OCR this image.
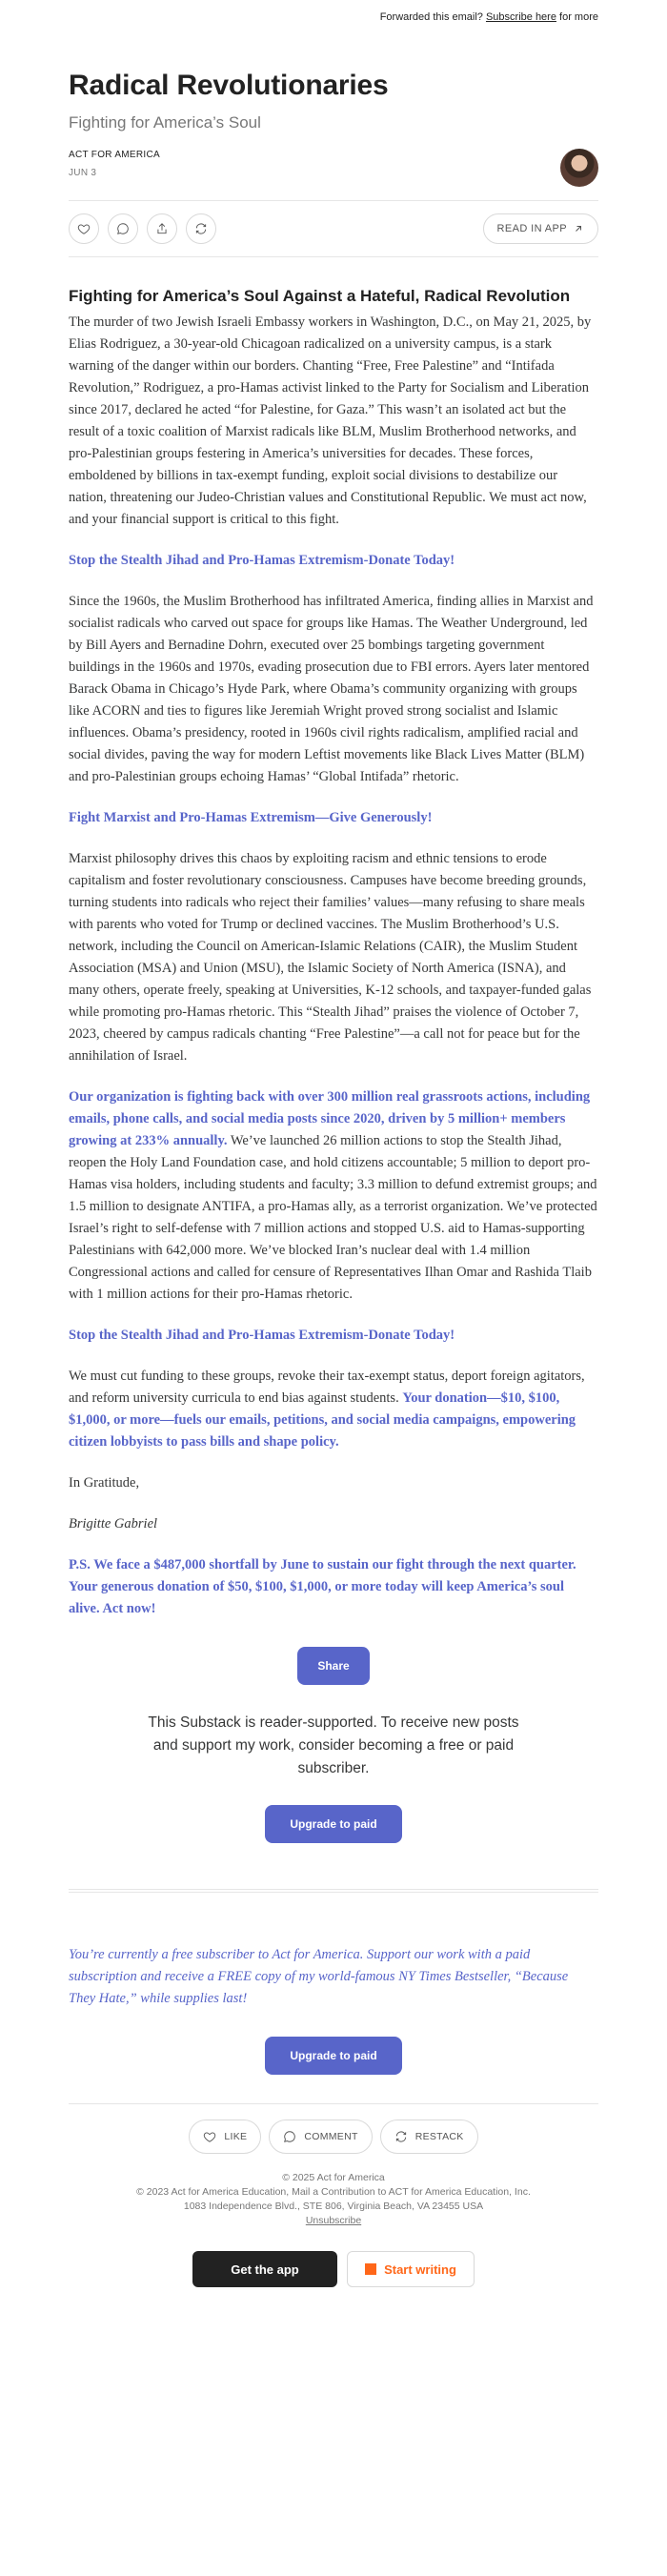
Forwarded this email? Subscribe here for more
Radical Revolutionaries
Fighting for America’s Soul
ACT FOR AMERICA
JUN 3
READ IN APP
Fighting for America’s Soul Against a Hateful, Radical Revolution

The murder of two Jewish Israeli Embassy workers in Washington, D.C., on May 21, 2025, by Elias Rodriguez, a 30-year-old Chicagoan radicalized on a university campus, is a stark warning of the danger within our borders. Chanting “Free, Free Palestine” and “Intifada Revolution,” Rodriguez, a pro-Hamas activist linked to the Party for Socialism and Liberation since 2017, declared he acted “for Palestine, for Gaza.” This wasn’t an isolated act but the result of a toxic coalition of Marxist radicals like BLM, Muslim Brotherhood networks, and pro-Palestinian groups festering in America’s universities for decades. These forces, emboldened by billions in tax-exempt funding, exploit social divisions to destabilize our nation, threatening our Judeo-Christian values and Constitutional Republic. We must act now, and your financial support is critical to this fight.

Stop the Stealth Jihad and Pro-Hamas Extremism-Donate Today!

Since the 1960s, the Muslim Brotherhood has infiltrated America, finding allies in Marxist and socialist radicals who carved out space for groups like Hamas. The Weather Underground, led by Bill Ayers and Bernadine Dohrn, executed over 25 bombings targeting government buildings in the 1960s and 1970s, evading prosecution due to FBI errors. Ayers later mentored Barack Obama in Chicago’s Hyde Park, where Obama’s community organizing with groups like ACORN and ties to figures like Jeremiah Wright proved strong socialist and Islamic influences. Obama’s presidency, rooted in 1960s civil rights radicalism, amplified racial and social divides, paving the way for modern Leftist movements like Black Lives Matter (BLM) and pro-Palestinian groups echoing Hamas’ “Global Intifada” rhetoric.

Fight Marxist and Pro-Hamas Extremism—Give Generously!

Marxist philosophy drives this chaos by exploiting racism and ethnic tensions to erode capitalism and foster revolutionary consciousness. Campuses have become breeding grounds, turning students into radicals who reject their families’ values—many refusing to share meals with parents who voted for Trump or declined vaccines. The Muslim Brotherhood’s U.S. network, including the Council on American-Islamic Relations (CAIR), the Muslim Student Association (MSA) and Union (MSU), the Islamic Society of North America (ISNA), and many others, operate freely, speaking at Universities, K-12 schools, and taxpayer-funded galas while promoting pro-Hamas rhetoric. This “Stealth Jihad” praises the violence of October 7, 2023, cheered by campus radicals chanting “Free Palestine”—a call not for peace but for the annihilation of Israel.

Our organization is fighting back with over 300 million real grassroots actions, including emails, phone calls, and social media posts since 2020, driven by 5 million+ members growing at 233% annually. We’ve launched 26 million actions to stop the Stealth Jihad, reopen the Holy Land Foundation case, and hold citizens accountable; 5 million to deport pro-Hamas visa holders, including students and faculty; 3.3 million to defund extremist groups; and 1.5 million to designate ANTIFA, a pro-Hamas ally, as a terrorist organization. We’ve protected Israel’s right to self-defense with 7 million actions and stopped U.S. aid to Hamas-supporting Palestinians with 642,000 more. We’ve blocked Iran’s nuclear deal with 1.4 million Congressional actions and called for censure of Representatives Ilhan Omar and Rashida Tlaib with 1 million actions for their pro-Hamas rhetoric.

Stop the Stealth Jihad and Pro-Hamas Extremism-Donate Today!

We must cut funding to these groups, revoke their tax-exempt status, deport foreign agitators, and reform university curricula to end bias against students. Your donation—$10, $100, $1,000, or more—fuels our emails, petitions, and social media campaigns, empowering citizen lobbyists to pass bills and shape policy.

In Gratitude,

Brigitte Gabriel

P.S. We face a $487,000 shortfall by June to sustain our fight through the next quarter. Your generous donation of $50, $100, $1,000, or more today will keep America’s soul alive. Act now!

Share
This Substack is reader-supported. To receive new posts and support my work, consider becoming a free or paid subscriber.
Upgrade to paid
You’re currently a free subscriber to Act for America. Support our work with a paid subscription and receive a FREE copy of my world-famous NY Times Bestseller, “Because They Hate,” while supplies last!
Upgrade to paid
LIKE	COMMENT	RESTACK
© 2025 Act for America
© 2023 Act for America Education, Mail a Contribution to ACT for America Education, Inc.
1083 Independence Blvd., STE 806, Virginia Beach, VA 23455 USA
Unsubscribe
Get the app	Start writing
